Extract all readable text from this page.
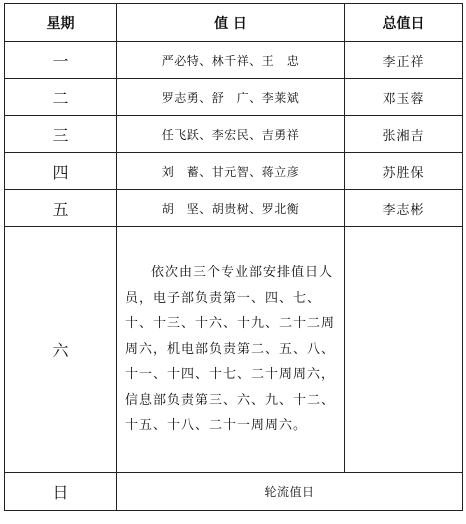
星期	值 日	总值日
一	严必特、林千祥、王　忠	李正祥
二	罗志勇、舒　广、李莱斌	邓玉蓉
三	任飞跃、李宏民、吉勇祥	张湘吉
四	刘　蓄、甘元智、蒋立彦	苏胜保
五	胡　坚、胡贵树、罗北衡	李志彬
六	依次由三个专业部安排值日人员，电子部负责第一、四、七、十、十三、十六、十九、二十二周周六，机电部负责第二、五、八、十一、十四、十七、二十周周六，信息部负责第三、六、九、十二、十五、十八、二十一周周六。	

日	轮流值日	
